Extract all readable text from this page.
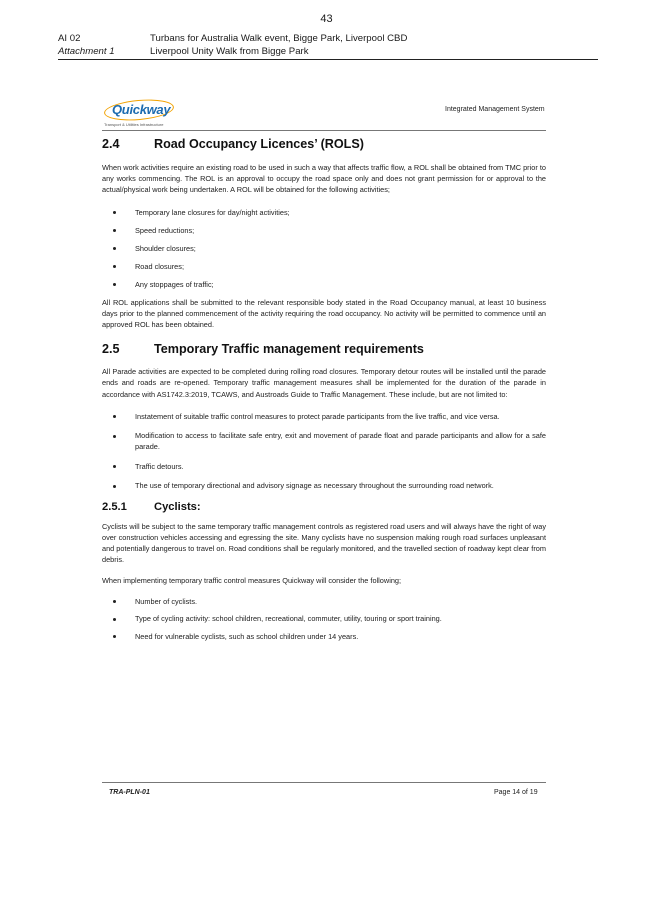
43
AI 02	Turbans for Australia Walk event, Bigge Park, Liverpool CBD
Attachment 1	Liverpool Unity Walk from Bigge Park
Quickway
Transport & Utilities Infrastructure
Integrated Management System
2.4	Road Occupancy Licences’ (ROLS)

When work activities require an existing road to be used in such a way that affects traffic flow, a ROL shall be obtained from TMC prior to any works commencing. The ROL is an approval to occupy the road space only and does not grant permission for or approval to the actual/physical work being undertaken. A ROL will be obtained for the following activities;

Temporary lane closures for day/night activities;
Speed reductions;
Shoulder closures;
Road closures;
Any stoppages of traffic;

All ROL applications shall be submitted to the relevant responsible body stated in the Road Occupancy manual, at least 10 business days prior to the planned commencement of the activity requiring the road occupancy. No activity will be permitted to commence until an approved ROL has been obtained.

2.5	Temporary Traffic management requirements

All Parade activities are expected to be completed during rolling road closures. Temporary detour routes will be installed until the parade ends and roads are re-opened. Temporary traffic management measures shall be implemented for the duration of the parade in accordance with AS1742.3:2019, TCAWS, and Austroads Guide to Traffic Management. These include, but are not limited to:

Instatement of suitable traffic control measures to protect parade participants from the live traffic, and vice versa.
Modification to access to facilitate safe entry, exit and movement of parade float and parade participants and allow for a safe parade.
Traffic detours.
The use of temporary directional and advisory signage as necessary throughout the surrounding road network.
2.5.1	Cyclists:

Cyclists will be subject to the same temporary traffic management controls as registered road users and will always have the right of way over construction vehicles accessing and egressing the site. Many cyclists have no suspension making rough road surfaces unpleasant and potentially dangerous to travel on. Road conditions shall be regularly monitored, and the travelled section of roadway kept clear from debris.

When implementing temporary traffic control measures Quickway will consider the following;

Number of cyclists.
Type of cycling activity: school children, recreational, commuter, utility, touring or sport training.
Need for vulnerable cyclists, such as school children under 14 years.
TRA-PLN-01	Page 14 of 19
